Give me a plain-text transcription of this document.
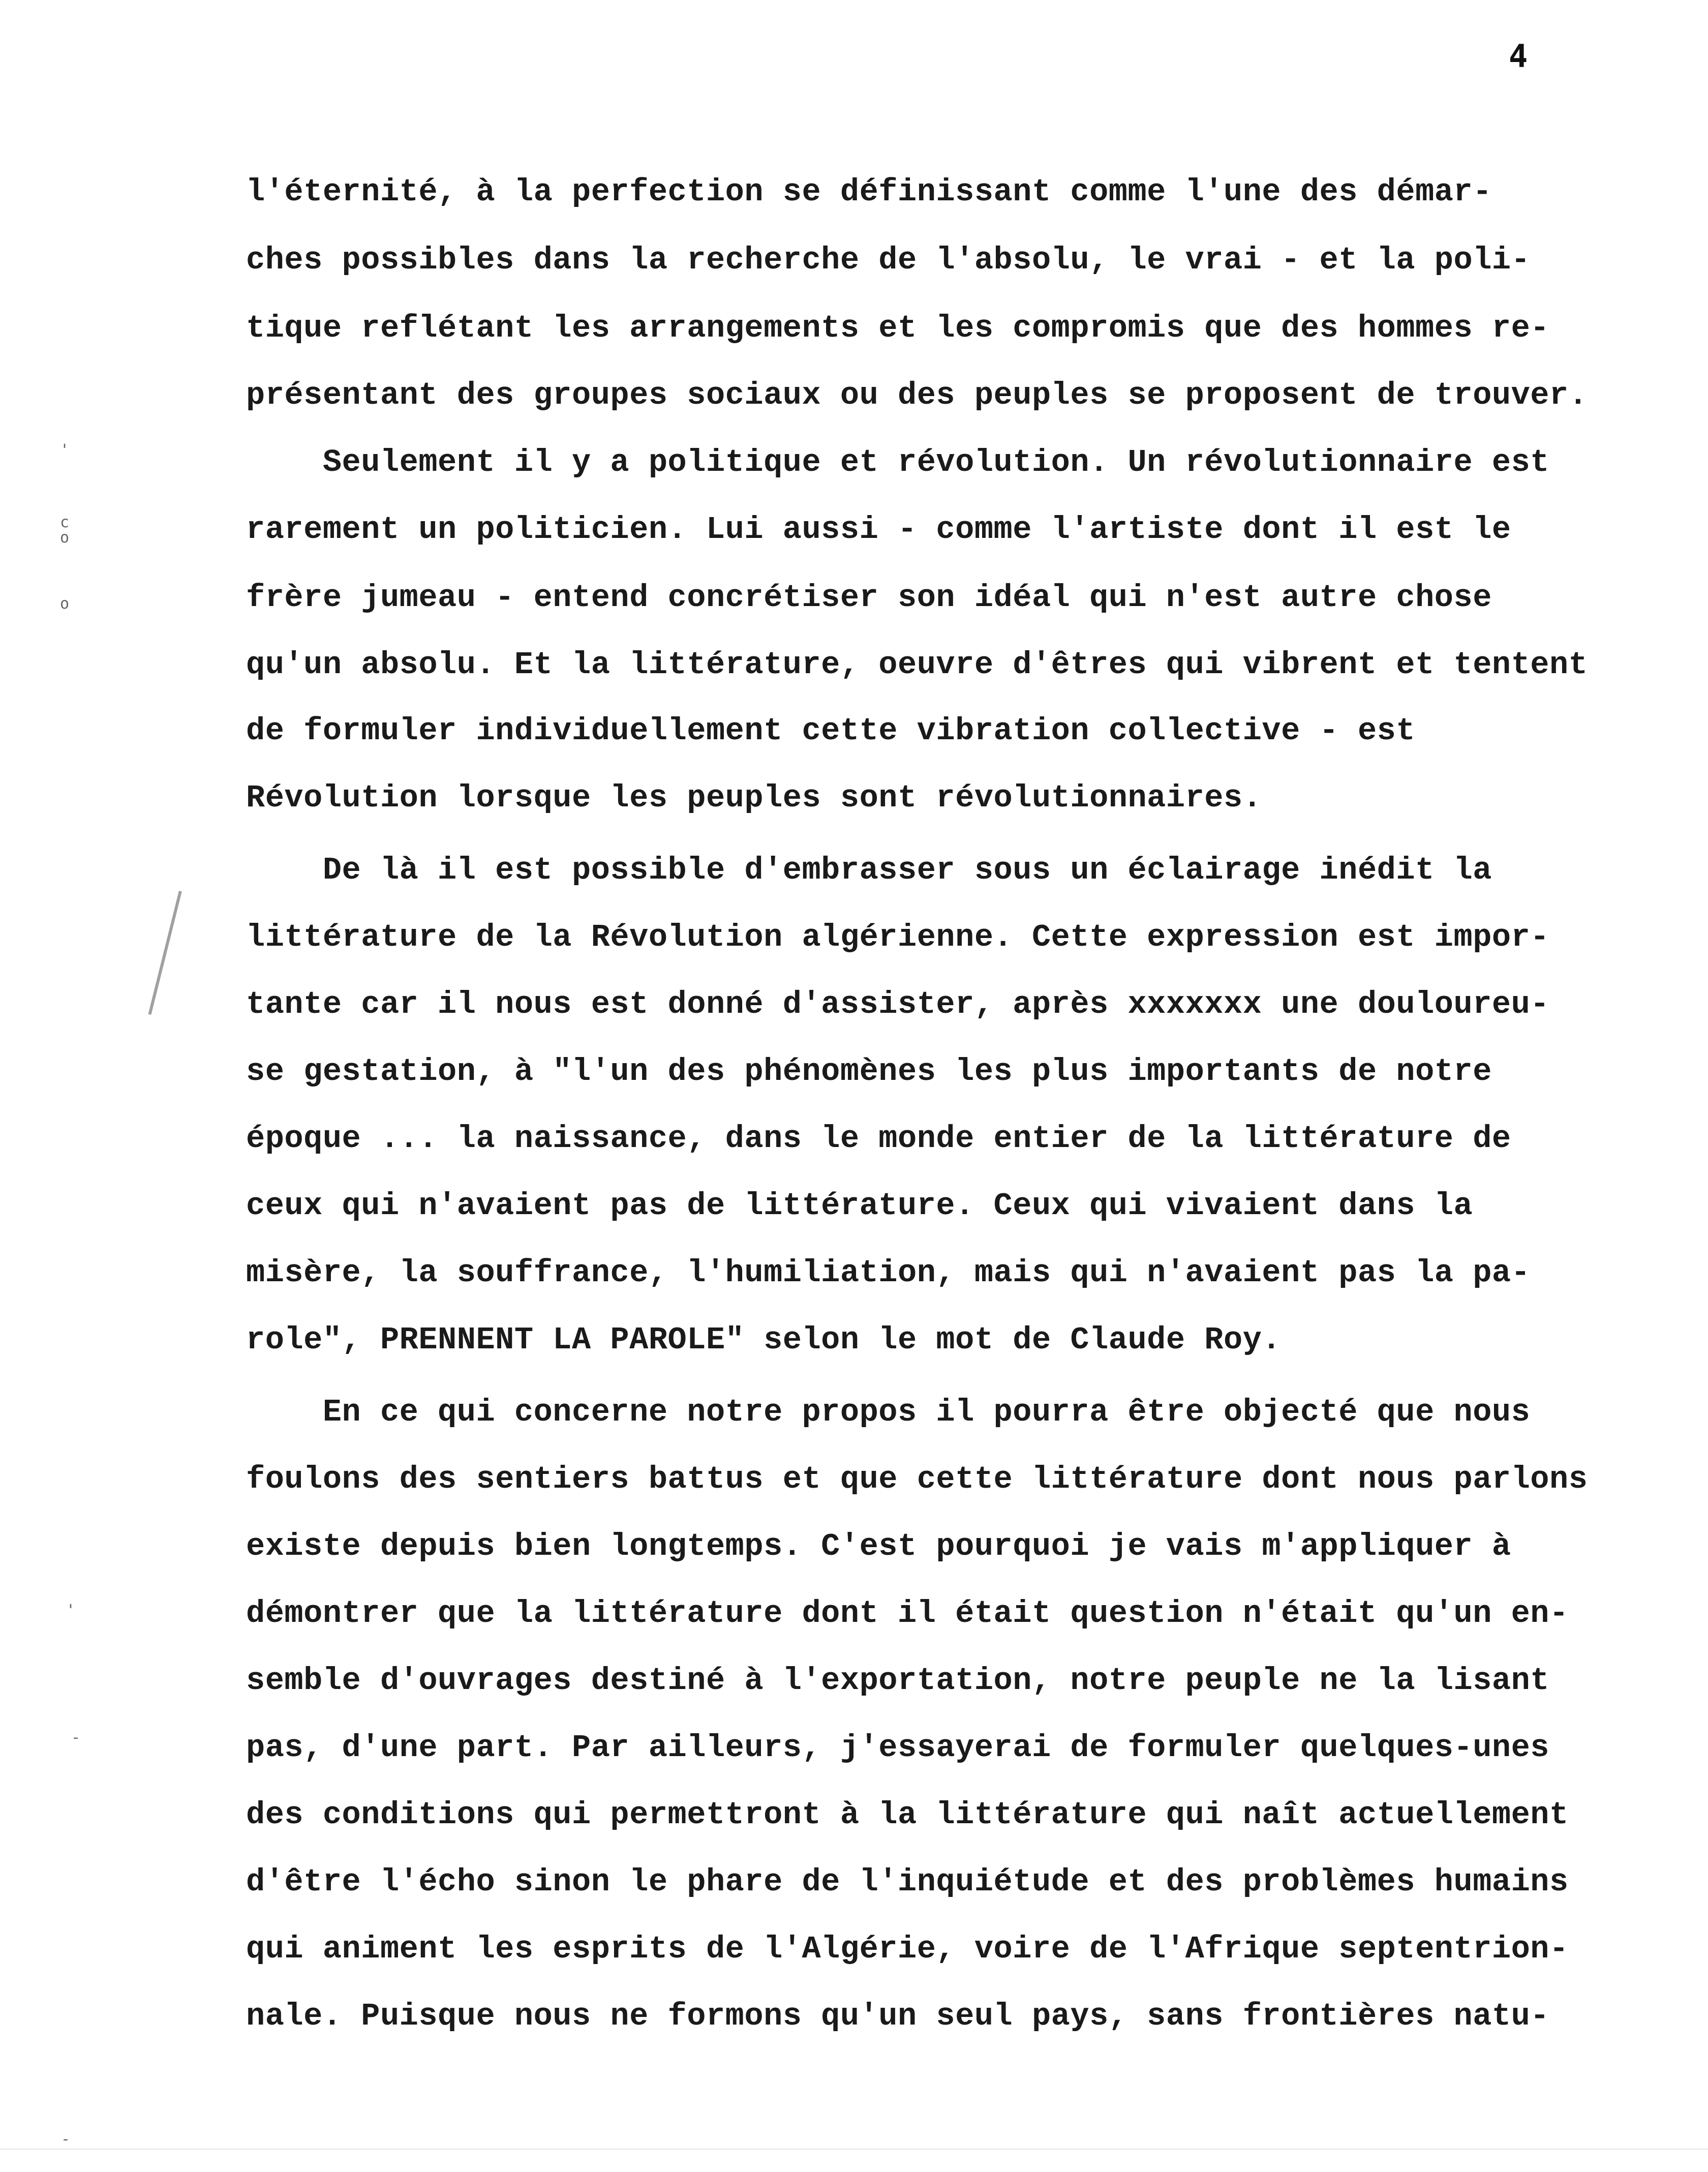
4
'
c
o
o
'
-
-
l'éternité, à la perfection se définissant comme l'une des démar-
ches possibles dans la recherche de l'absolu, le vrai - et la poli-
tique reflétant les arrangements et les compromis que des hommes re-
présentant des groupes sociaux ou des peuples se proposent de trouver.
Seulement il y a politique et révolution. Un révolutionnaire est
rarement un politicien. Lui aussi - comme l'artiste dont il est le
frère jumeau - entend concrétiser son idéal qui n'est autre chose
qu'un absolu. Et la littérature, oeuvre d'êtres qui vibrent et tentent
de formuler individuellement cette vibration collective - est
Révolution lorsque les peuples sont révolutionnaires.
De là il est possible d'embrasser sous un éclairage inédit la
littérature de la Révolution algérienne. Cette expression est impor-
tante car il nous est donné d'assister, après xxxxxxx une douloureu-
se gestation, à "l'un des phénomènes les plus importants de notre
époque ... la naissance, dans le monde entier de la littérature de
ceux qui n'avaient pas de littérature. Ceux qui vivaient dans la
misère, la souffrance, l'humiliation, mais qui n'avaient pas la pa-
role", PRENNENT LA PAROLE" selon le mot de Claude Roy.
En ce qui concerne notre propos il pourra être objecté que nous
foulons des sentiers battus et que cette littérature dont nous parlons
existe depuis bien longtemps. C'est pourquoi je vais m'appliquer à
démontrer que la littérature dont il était question n'était qu'un en-
semble d'ouvrages destiné à l'exportation, notre peuple ne la lisant
pas, d'une part. Par ailleurs, j'essayerai de formuler quelques-unes
des conditions qui permettront à la littérature qui naît actuellement
d'être l'écho sinon le phare de l'inquiétude et des problèmes humains
qui animent les esprits de l'Algérie, voire de l'Afrique septentrion-
nale. Puisque nous ne formons qu'un seul pays, sans frontières natu-
